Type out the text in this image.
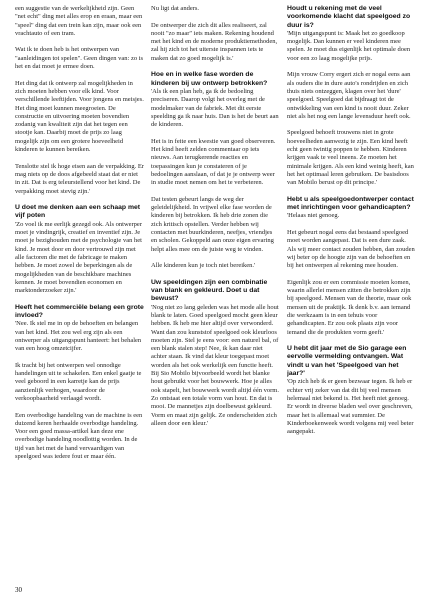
een suggestie van de werkelijkheid zijn. Geen "net echt" ding met alles erop en eraan, maar een "speel" ding dat een trein kan zijn, maar ook een vrachtauto of een tram.

Wat ik te doen heb is het ontwerpen van "aanleidingen tot spelen". Geen dingen van: zo is het en dat moet je ermee doen.

Het ding dat ik ontwerp zal mogelijkheden in zich moeten hebben voor elk kind. Voor verschillende leeftijden. Voor jongens en meisjes. Het ding moet kunnen meegroeien. De constructie en uitvoering moeten bovendien zodanig van kwaliteit zijn dat het tegen een stootje kan. Daarbij moet de prijs zo laag mogelijk zijn om een grotere hoeveelheid kinderen te kunnen bereiken.

Tenslotte stel ik hoge eisen aan de verpakking. Er mag niets op de doos afgebeeld staat dat er niet in zit. Dat is erg teleurstellend voor het kind. De verpakking moet stevig zijn.'

U doet me denken aan een schaap met vijf poten

'Zo voel ik me eerlijk gezegd ook. Als ontwerper moet je vindingrijk, creatief en inventief zijn. Je moet je bezighouden met de psychologie van het kind. Je moet door en door vertrouwd zijn met alle factoren die met de fabricage te maken hebben. Je moet zowel de beperkingen als de mogelijkheden van de beschikbare machines kennen. Je moet bovendien economen en marktonderzoeker zijn.'

Heeft het commerciële belang een grote invloed?

'Nee. Ik stel me in op de behoeften en belangen van het kind. Het zou wel erg zijn als een ontwerper als uitgangspunt hanteert: het behalen van een hoog omzetcijfer.

Ik tracht bij het ontwerpen wel onnodige handelingen uit te schakelen. Een enkel gaatje te veel geboord in een karretje kan de prijs aanzienlijk verhogen, waardoor de verkoopbaarheid verlaagd wordt.

Een overbodige handeling van de machine is een duizend keren herhaalde overbodige handeling. Voor een goed massa-artikel kan deze ene overbodige handeling noodlottig worden. In de tijd van het met de hand vervaardigen van speelgoed was iedere fout er maar één.

Nu ligt dat anders.

De ontwerper die zich dit alles realiseert, zal nooit "zo maar" iets maken. Rekening houdend met het kind en de moderne produktiemethoden, zal hij zich tot het uiterste inspannen iets te maken dat zo goed mogelijk is.'

Hoe en in welke fase worden de kinderen bij uw ontwerp betrokken?

'Als ik een plan heb, ga ik de bedoeling preciseren. Daarop volgt het overleg met de modelmaker van de fabriek. Met dit eerste speelding ga ik naar huis. Dan is het de beurt aan de kinderen.

Het is in feite een kwestie van goed observeren. Het kind heeft zelden commentaar op iets nieuws. Aan terugkerende reacties en toepassingen kun je constateren of je bedoelingen aanslaan, of dat je je ontwerp weer in studie moet nemen om het te verbeteren.

Dat testen gebeurt langs de weg der geleidelijkheid. In vrijwel elke fase worden de kinderen bij betrokken. Ik heb drie zonen die zich kritisch opstellen. Verder hebben wij contacten met buurkinderen, neefjes, vriendjes en scholen. Gekoppeld aan onze eigen ervaring helpt alles mee om de juiste weg te vinden.

Alle kinderen kun je toch niet bereiken.'

Uw speeldingen zijn een combinatie van blank en gekleurd. Doet u dat bewust?

'Nog niet zo lang geleden was het mode alle hout blank te laten. Goed speelgoed mocht geen kleur hebben. Ik heb me hier altijd over verwonderd. Want dan zou kunststof speelgoed ook kleurloos moeten zijn. Stel je eens voor: een naturel bal, of een blank stalen step! Nee, ik kan daar niet achter staan. Ik vind dat kleur toegepast moet worden als het ook werkelijk een functie heeft. Bij Sio Mobilo bijvoorbeeld wordt het blanke hout gebruikt voor het bouwwerk. Hoe je alles ook stapelt, het bouwwerk wordt altijd één vorm. Zo ontstaat een totale vorm van hout. En dat is mooi. De mannetjes zijn doelbewust gekleurd. Vorm en maat zijn gelijk. Ze onderscheiden zich alleen door een kleur.'

Houdt u rekening met de veel voorkomende klacht dat speelgoed zo duur is?

'Mijn uitgangspunt is: Maak het zo goedkoop mogelijk. Dan kunnen er veel kinderen mee spelen. Je moet dus eigenlijk het optimale doen voor een zo laag mogelijke prijs.

Mijn vrouw Corry ergert zich er nogal eens aan als ouders die in dure auto's rondrijden en zich thuis niets ontzeggen, klagen over het 'dure' speelgoed. Speelgoed dat bijdraagt tot de ontwikkeling van een kind is nooit duur. Zeker niet als het nog een lange levensduur heeft ook.

Speelgoed behoeft trouwens niet in grote hoeveelheden aanwezig te zijn. Een kind heeft echt geen twintig poppen te hebben. Kinderen krijgen vaak te veel ineens. Ze moeten het minimale krijgen. Als een kind weinig heeft, kan het het optimaal leren gebruiken. De basisdoos van Mobilo berust op dit principe.'

Hebt u als speelgoedontwerper contact met inrichtingen voor gehandicapten?

'Helaas niet genoeg.

Het gebeurt nogal eens dat bestaand speelgoed moet worden aangepast. Dat is een dure zaak. Als wij meer contact zouden hebben, dan zouden wij beter op de hoogte zijn van de behoeften en bij het ontwerpen al rekening mee houden.

Eigenlijk zou er een commissie moeten komen, waarin allerlei mensen zitten die betrokken zijn bij speelgoed. Mensen van de theorie, maar ook mensen uit de praktijk. Ik denk b.v. aan iemand die werkzaam is in een tehuis voor gehandicapten. Er zou ook plaats zijn voor iemand die de produkten vorm geeft.'

U hebt dit jaar met de Sio garage een eervolle vermelding ontvangen. Wat vindt u van het 'Speelgoed van het jaar?'

'Op zich heb ik er geen bezwaar tegen. Ik heb er echter vrij zeker van dat dit bij veel mensen helemaal niet bekend is. Het heeft niet genoeg. Er wordt in diverse bladen wel over geschreven, maar het is allemaal wat summier. De Kinderboekenweek wordt volgens mij veel beter aangepakt.

30
